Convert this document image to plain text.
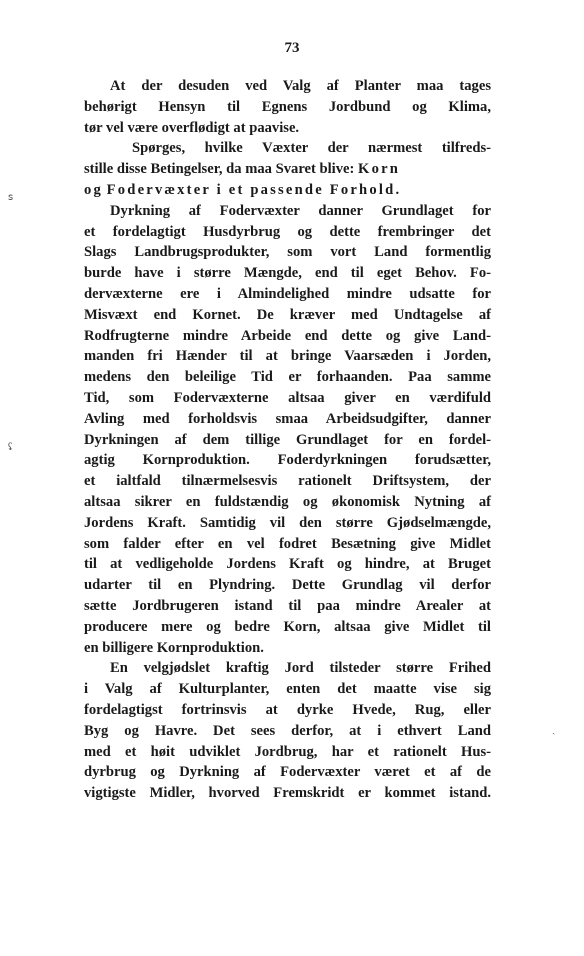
73
At der desuden ved Valg af Planter maa tages
behørigt Hensyn til Egnens Jordbund og Klima,
tør vel være overflødigt at paavise.
Spørges, hvilke Væxter der nærmest tilfreds-
stille disse Betingelser, da maa Svaret blive: Korn
og Fodervæxter i et passende Forhold.
Dyrkning af Fodervæxter danner Grundlaget for
et fordelagtigt Husdyrbrug og dette frembringer det
Slags Landbrugsprodukter, som vort Land formentlig
burde have i større Mængde, end til eget Behov. Fo-
dervæxterne ere i Almindelighed mindre udsatte for
Misvæxt end Kornet. De kræver med Undtagelse af
Rodfrugterne mindre Arbeide end dette og give Land-
manden fri Hænder til at bringe Vaarsæden i Jorden,
medens den beleilige Tid er forhaanden. Paa samme
Tid, som Fodervæxterne altsaa giver en værdifuld
Avling med forholdsvis smaa Arbeidsudgifter, danner
Dyrkningen af dem tillige Grundlaget for en fordel-
agtig Kornproduktion. Foderdyrkningen forudsætter,
et ialtfald tilnærmelsesvis rationelt Driftsystem, der
altsaa sikrer en fuldstændig og økonomisk Nytning af
Jordens Kraft. Samtidig vil den større Gjødselmængde,
som falder efter en vel fodret Besætning give Midlet
til at vedligeholde Jordens Kraft og hindre, at Bruget
udarter til en Plyndring. Dette Grundlag vil derfor
sætte Jordbrugeren istand til paa mindre Arealer at
producere mere og bedre Korn, altsaa give Midlet til
en billigere Kornproduktion.
En velgjødslet kraftig Jord tilsteder større Frihed
i Valg af Kulturplanter, enten det maatte vise sig
fordelagtigst fortrinsvis at dyrke Hvede, Rug, eller
Byg og Havre. Det sees derfor, at i ethvert Land
med et høit udviklet Jordbrug, har et rationelt Hus-
dyrbrug og Dyrkning af Fodervæxter været et af de
vigtigste Midler, hvorved Fremskridt er kommet istand.
ꜱ
ʢ
ˎ
